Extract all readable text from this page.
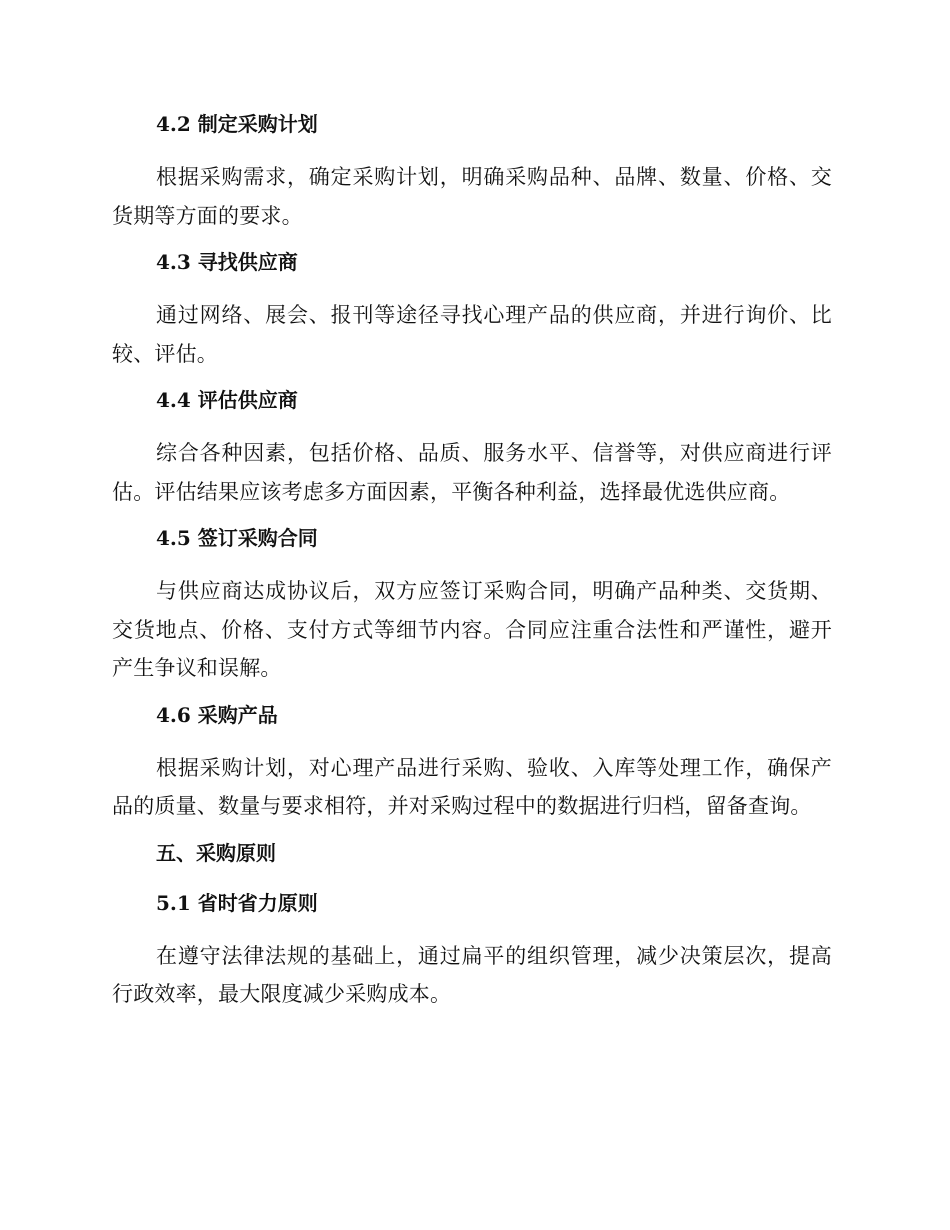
4.2 制定采购计划

根据采购需求，确定采购计划，明确采购品种、品牌、数量、价格、交货期等方面的要求。

4.3 寻找供应商

通过网络、展会、报刊等途径寻找心理产品的供应商，并进行询价、比较、评估。

4.4 评估供应商

综合各种因素，包括价格、品质、服务水平、信誉等，对供应商进行评估。评估结果应该考虑多方面因素，平衡各种利益，选择最优选供应商。

4.5 签订采购合同

与供应商达成协议后，双方应签订采购合同，明确产品种类、交货期、交货地点、价格、支付方式等细节内容。合同应注重合法性和严谨性，避开产生争议和误解。

4.6 采购产品

根据采购计划，对心理产品进行采购、验收、入库等处理工作，确保产品的质量、数量与要求相符，并对采购过程中的数据进行归档，留备查询。

五、采购原则
5.1 省时省力原则

在遵守法律法规的基础上，通过扁平的组织管理，减少决策层次，提高行政效率，最大限度减少采购成本。
